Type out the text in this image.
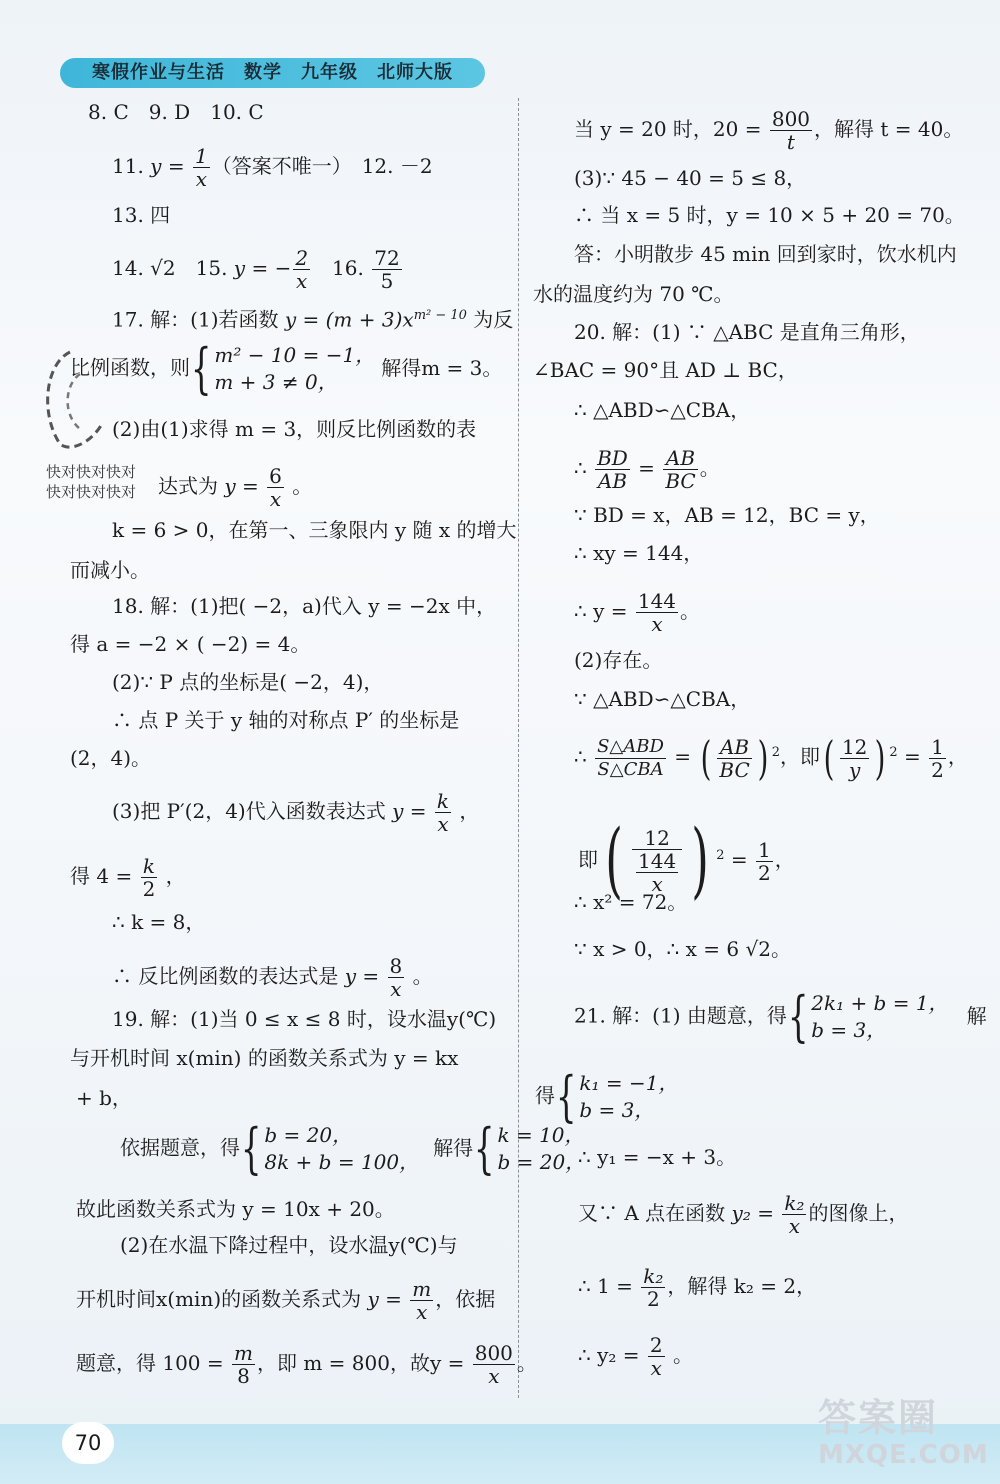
寒假作业与生活　数学　九年级　北师大版
8. C　9. D　10. C
11. $y = \frac{1}{x}$ （答案不唯一）　12. －2
13. 四
14. √2　15. y = − $\frac{2}{x}$ 　16. $\frac{72}{5}$
17. 解：(1)若函数 $y = (m + 3)x^{m^2 - 10}$ 为反
比例函数，则{ m² − 10 = −1，
m + 3 ≠ 0，
解得m = 3。
(2)由(1)求得 m = 3，则反比例函数的表
快对快对快对
快对快对快对 达式为 $y = \frac{6}{x}$ 。
k = 6 > 0，在第一、三象限内 y 随 x 的增大
而减小。
18. 解：(1)把( −2，a)代入 y = −2x 中，
得 a = −2 × ( −2) = 4。
(2)∵ P 点的坐标是( −2，4)，
∴ 点 P 关于 y 轴的对称点 P′ 的坐标是
(2，4)。
(3)把 P′(2，4)代入函数表达式 $y = \frac{k}{x}$ ，
得 $4 = \frac{k}{2}$ ，
∴ k = 8，
∴ 反比例函数的表达式是 $y = \frac{8}{x}$ 。
19. 解：(1)当 0 ≤ x ≤ 8 时，设水温y(℃)
与开机时间 x(min) 的函数关系式为 y = kx
+ b，
依据题意，得{ b = 20，
8k + b = 100，
解得{ k = 10，
b = 20，
故此函数关系式为 y = 10x + 20。
(2)在水温下降过程中，设水温y(℃)与
开机时间x(min)的函数关系式为 $y = \frac{m}{x}$ ，依据
题意，得 $100 = \frac{m}{8}$ ，即 m = 800，故$y = \frac{800}{x}$ 。
当 y = 20 时，$20 = \frac{800}{t}$ ，解得 t = 40。
(3)∵ 45 − 40 = 5 ≤ 8，
∴ 当 x = 5 时，y = 10 × 5 + 20 = 70。
答：小明散步 45 min 回到家时，饮水机内
水的温度约为 70 ℃。
20. 解：(1) ∵ △ABC 是直角三角形，
∠BAC = 90°且 AD ⊥ BC，
∴ △ABD∽△CBA，
∴ $\frac{BD}{AB} = \frac{AB}{BC}$ 。
∵ BD = x，AB = 12，BC = y，
∴ xy = 144，
∴ $y = \frac{144}{x}$ 。
(2)存在。
∵ △ABD∽△CBA，
∴ $\frac{\text{S△ABD}}{\text{S△CBA}}$ = ( $\frac{AB}{BC}$ ) $^2$，即( $\frac{12}{y}$ ) $^2 = \frac{1}{2}$ ，
即( $\frac{12}{\frac{144}{x}}$ ) $^2 = \frac{1}{2}$ ，
∴ x² = 72。
∵ x > 0，∴ x = 6 √2。
21. 解：(1) 由题意，得{ 2k₁ + b = 1，
b = 3，
解
得{ k₁ = −1，
b = 3，
∴ y₁ = −x + 3。
又∵ A 点在函数 $y_2 = \frac{\text{k₂}}{x}$ 的图像上，
∴ $1 = \frac{\text{k₂}}{2}$ ，解得 k₂ = 2，
∴ $y_2 = \frac{2}{x}$ 。
70
答案圈
MXQE.COM
